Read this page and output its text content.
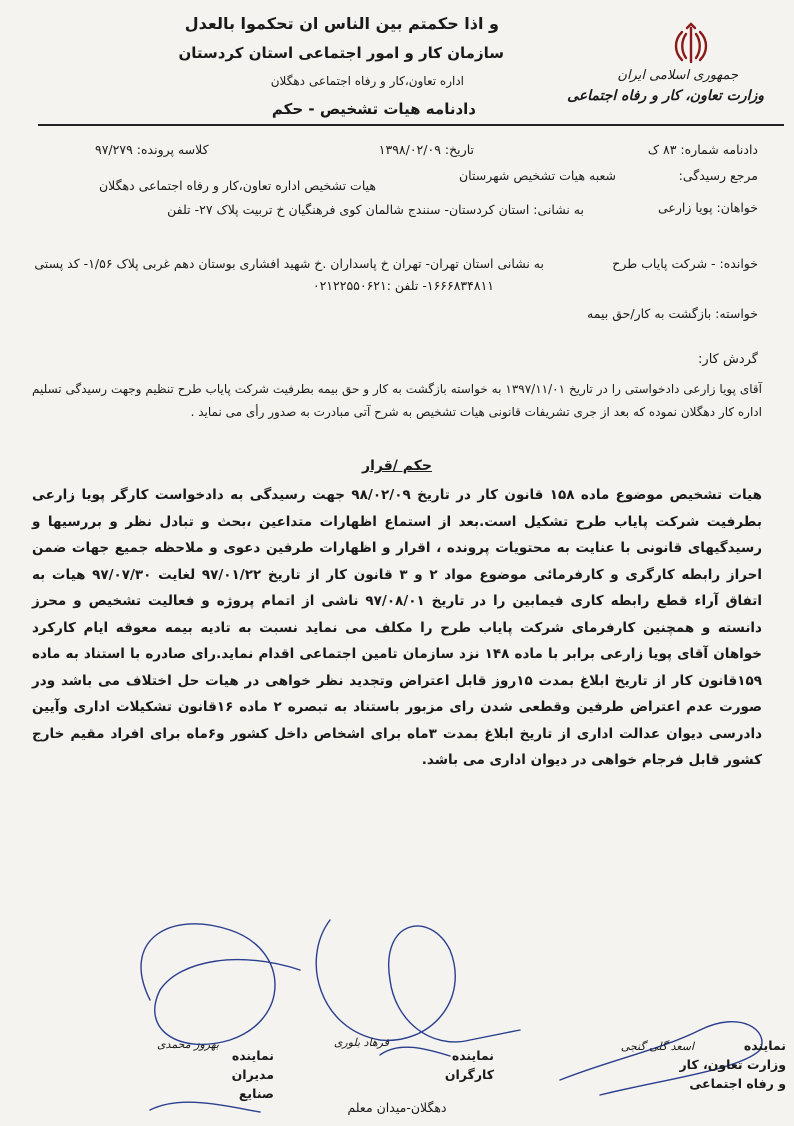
و اذا حکمتم بین الناس ان تحکموا بالعدل
سازمان کار و امور اجتماعی استان کردستان
اداره تعاون،کار و رفاه اجتماعی دهگلان
دادنامه هیات تشخیص - حکم
جمهوری اسلامی ایران
وزارت تعاون، کار و رفاه اجتماعی
دادنامه شماره: ۸۳ ک
تاریخ: ۱۳۹۸/۰۲/۰۹
کلاسه پرونده: ۹۷/۲۷۹
مرجع رسیدگی:
شعبه هیات تشخیص شهرستان
هیات تشخیص اداره تعاون،کار و رفاه اجتماعی دهگلان
خواهان: پویا زارعی
به نشانی: استان کردستان- سنندج شالمان کوی فرهنگیان خ تربیت پلاک ۲۷- تلفن
خوانده: - شرکت پایاب طرح
به نشانی استان تهران- تهران خ پاسداران .خ شهید افشاری بوستان دهم غربی پلاک ۱/۵۶- کد پستی
۱۶۶۶۸۳۴۸۱۱- تلفن :۰۲۱۲۲۵۵۰۶۲۱
خواسته: بازگشت به کار/حق بیمه
گردش کار:
آقای پویا زارعی دادخواستی را در تاریخ ۱۳۹۷/۱۱/۰۱ به خواسته بازگشت به کار و حق بیمه بطرفیت شرکت پایاب طرح تنظیم وجهت رسیدگی تسلیم اداره کار دهگلان نموده که بعد از جری تشریفات قانونی هیات تشخیص به شرح آتی مبادرت به صدور رأی می نماید .
حکم /قرار
هیات تشخیص موضوع ماده ۱۵۸ قانون کار در تاریخ ۹۸/۰۲/۰۹ جهت رسیدگی به دادخواست کارگر پویا زارعی بطرفیت شرکت پایاب طرح تشکیل است.بعد از استماع اظهارات متداعین ،بحث و تبادل نظر و بررسیها و رسیدگیهای قانونی با عنایت به محتویات پرونده ، اقرار و اظهارات طرفین دعوی و ملاحظه جمیع جهات ضمن احراز رابطه کارگری و کارفرمائی موضوع مواد ۲ و ۳ قانون کار از تاریخ ۹۷/۰۱/۲۲ لغایت ۹۷/۰۷/۳۰ هیات به اتفاق آراء قطع رابطه کاری فیمابین را در تاریخ ۹۷/۰۸/۰۱ ناشی از اتمام پروژه و فعالیت تشخیص و محرز دانسته و همچنین کارفرمای شرکت پایاب طرح را مکلف می نماید نسبت به تادیه بیمه معوقه ایام کارکرد خواهان آقای پویا زارعی برابر با ماده ۱۴۸ نزد سازمان تامین اجتماعی اقدام نماید.رای صادره با استناد به ماده ۱۵۹قانون کار از تاریخ ابلاغ بمدت ۱۵روز قابل اعتراض وتجدید نظر خواهی در هیات حل اختلاف می باشد ودر صورت عدم اعتراض طرفین وقطعی شدن رای مزبور باستناد به تبصره ۲ ماده ۱۶قانون تشکیلات اداری وآیین دادرسی دیوان عدالت اداری از تاریخ ابلاغ بمدت ۳ماه برای اشخاص داخل کشور و۶ماه برای افراد مقیم خارج کشور قابل فرجام خواهی در دیوان اداری می باشد.
اسعد گلی گنجی
فرهاد بلوری
بهروز محمدی	نماینده
وزارت تعاون، کار
و رفاه اجتماعی
نماینده
کارگران
نماینده
مدیران
صنایع
دهگلان-میدان معلم
